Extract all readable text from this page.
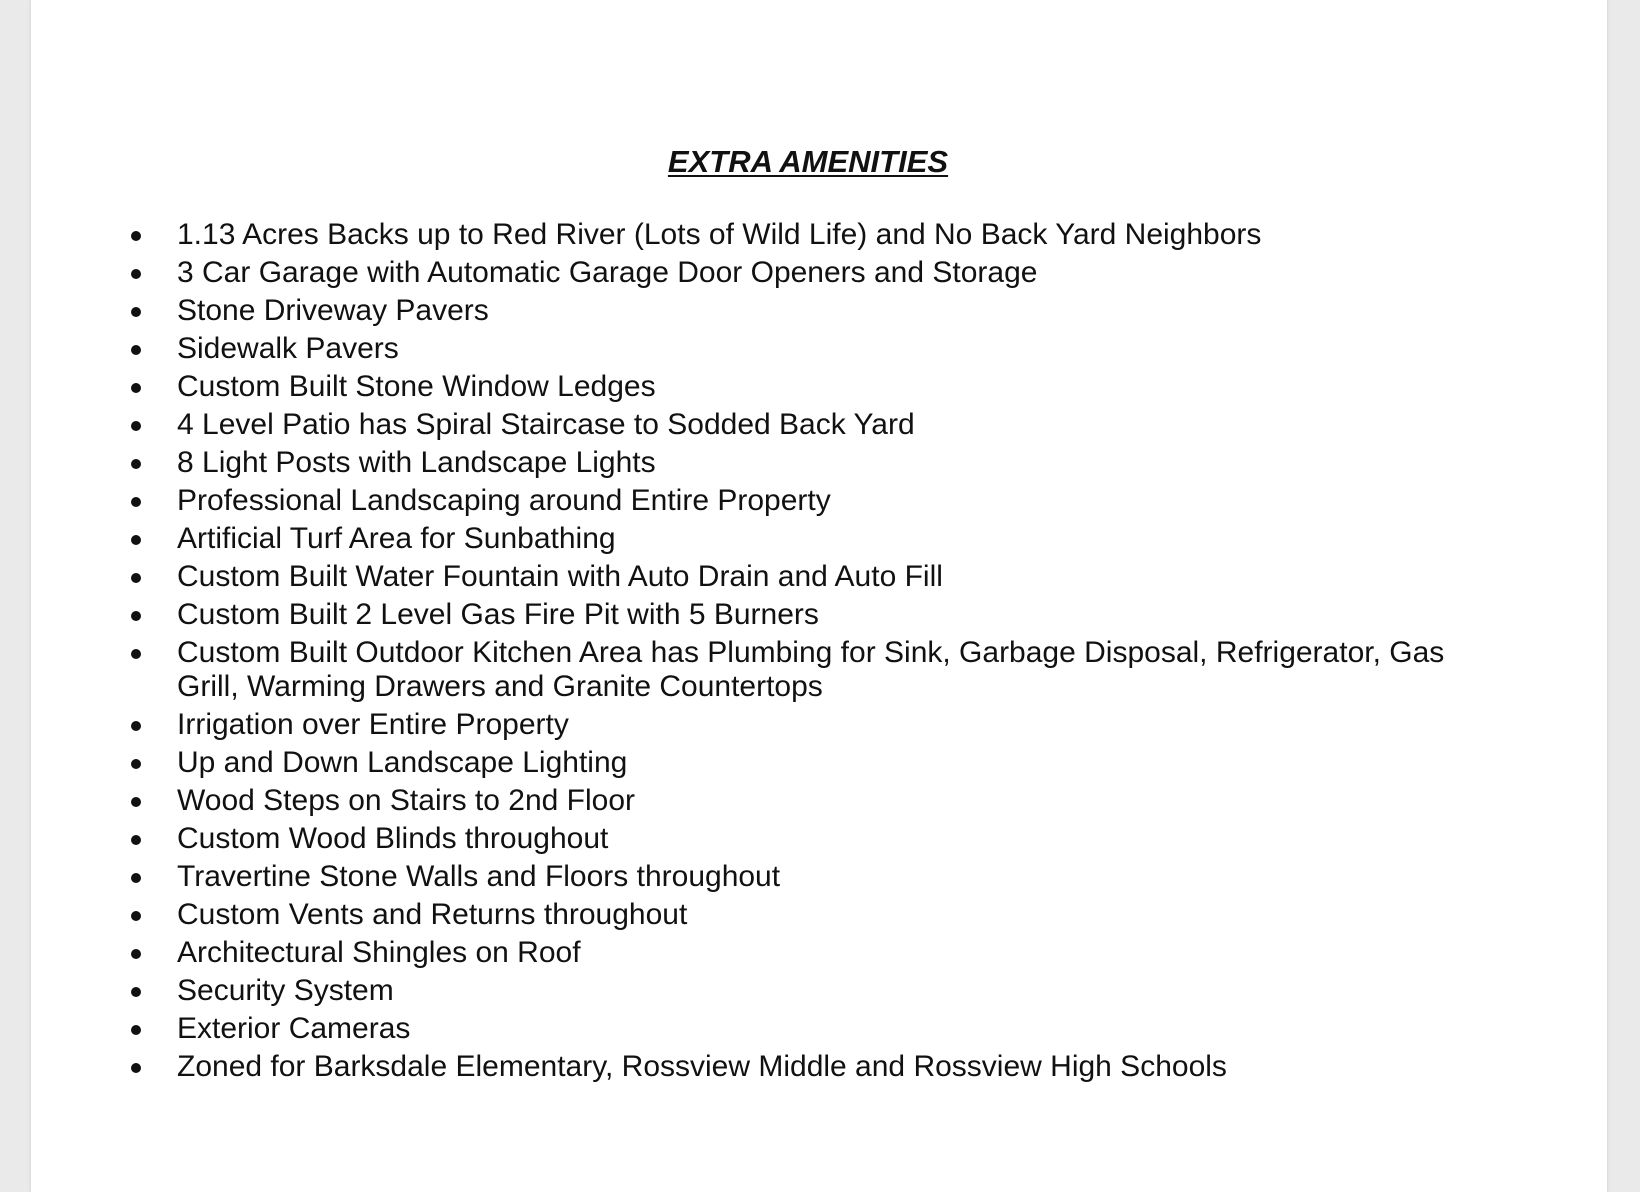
EXTRA AMENITIES
1.13 Acres Backs up to Red River (Lots of Wild Life) and No Back Yard Neighbors
3 Car Garage with Automatic Garage Door Openers and Storage
Stone Driveway Pavers
Sidewalk Pavers
Custom Built Stone Window Ledges
4 Level Patio has Spiral Staircase to Sodded Back Yard
8 Light Posts with Landscape Lights
Professional Landscaping around Entire Property
Artificial Turf Area for Sunbathing
Custom Built Water Fountain with Auto Drain and Auto Fill
Custom Built 2 Level Gas Fire Pit with 5 Burners
Custom Built Outdoor Kitchen Area has Plumbing for Sink, Garbage Disposal, Refrigerator, Gas Grill, Warming Drawers and Granite Countertops
Irrigation over Entire Property
Up and Down Landscape Lighting
Wood Steps on Stairs to 2nd Floor
Custom Wood Blinds throughout
Travertine Stone Walls and Floors throughout
Custom Vents and Returns throughout
Architectural Shingles on Roof
Security System
Exterior Cameras
Zoned for Barksdale Elementary, Rossview Middle and Rossview High Schools
